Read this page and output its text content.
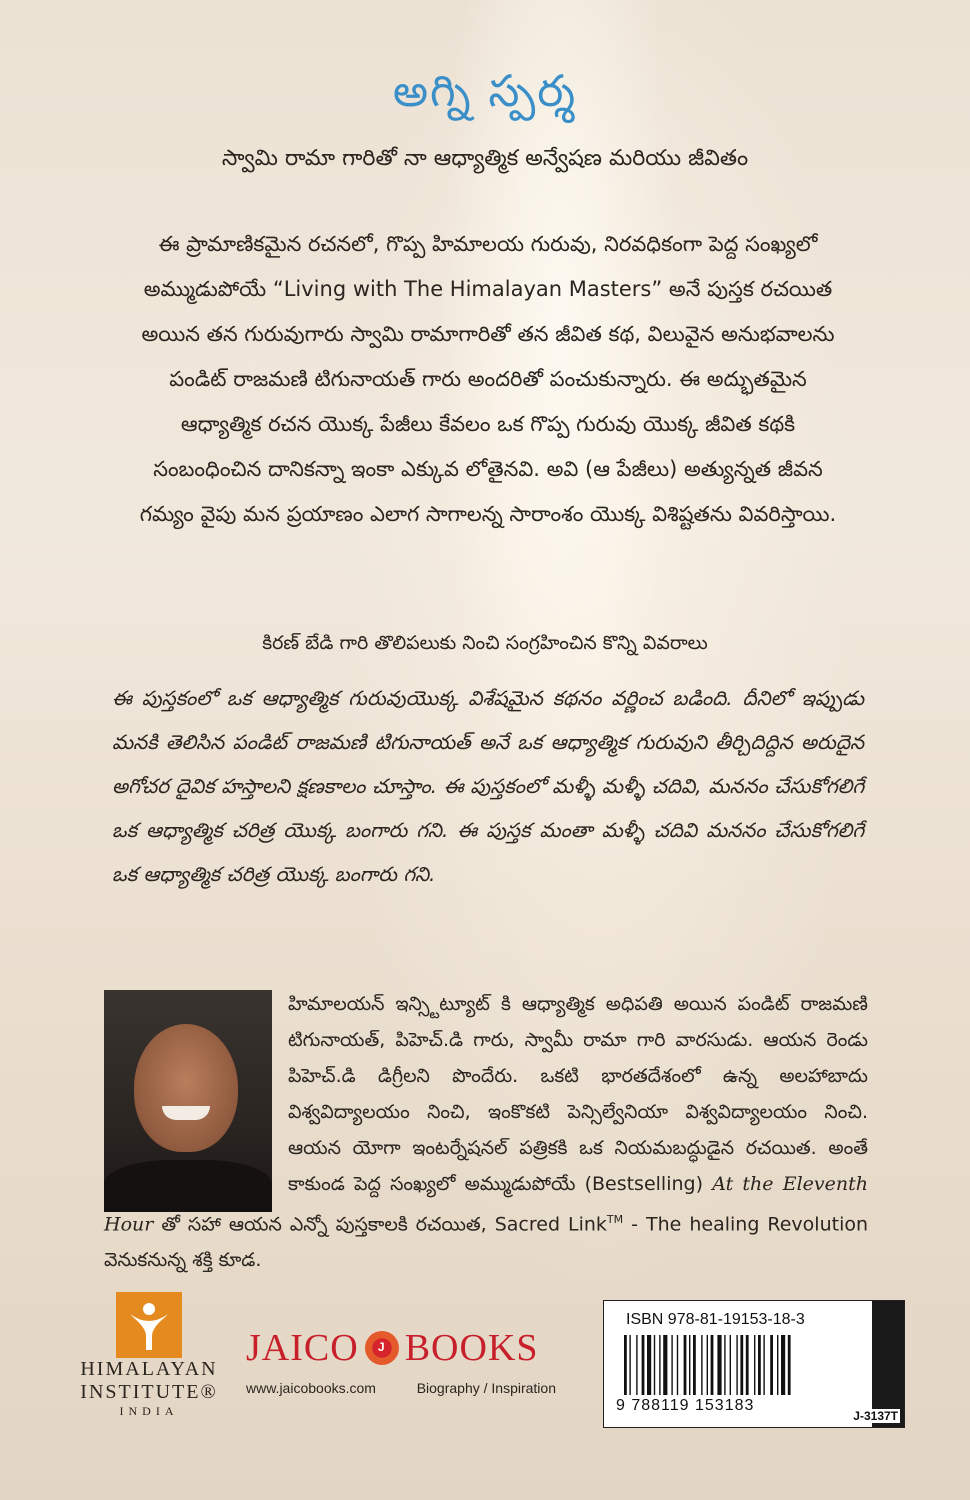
అగ్ని స్పర్శ
స్వామి రామా గారితో నా ఆధ్యాత్మిక అన్వేషణ మరియు జీవితం
ఈ ప్రామాణికమైన రచనలో, గొప్ప హిమాలయ గురువు, నిరవధికంగా పెద్ద సంఖ్యలో అమ్ముడుపోయే “Living with The Himalayan Masters” అనే పుస్తక రచయిత అయిన తన గురువుగారు స్వామి రామాగారితో తన జీవిత కథ, విలువైన అనుభవాలను పండిట్ రాజమణి టిగునాయత్ గారు అందరితో పంచుకున్నారు. ఈ అద్భుతమైన ఆధ్యాత్మిక రచన యొక్క పేజీలు కేవలం ఒక గొప్ప గురువు యొక్క జీవిత కథకి సంబంధించిన దానికన్నా ఇంకా ఎక్కువ లోతైనవి. అవి (ఆ పేజీలు) అత్యున్నత జీవన గమ్యం వైపు మన ప్రయాణం ఎలాగ సాగాలన్న సారాంశం యొక్క విశిష్టతను వివరిస్తాయి.
కిరణ్ బేడి గారి తొలిపలుకు నించి సంగ్రహించిన కొన్ని వివరాలు
ఈ పుస్తకంలో ఒక ఆధ్యాత్మిక గురువుయొక్క విశేషమైన కథనం వర్ణించ బడింది. దీనిలో ఇప్పుడు మనకి తెలిసిన పండిట్ రాజమణి టిగునాయత్ అనే ఒక ఆధ్యాత్మిక గురువుని తీర్చిదిద్దిన అరుదైన అగోచర దైవిక హస్తాలని క్షణకాలం చూస్తాం. ఈ పుస్తకంలో మళ్ళీ మళ్ళీ చదివి, మననం చేసుకోగలిగే ఒక ఆధ్యాత్మిక చరిత్ర యొక్క బంగారు గని. ఈ పుస్తక మంతా మళ్ళీ చదివి మననం చేసుకోగలిగే ఒక ఆధ్యాత్మిక చరిత్ర యొక్క బంగారు గని.
హిమాలయన్ ఇన్స్టిట్యూట్ కి ఆధ్యాత్మిక అధిపతి అయిన పండిట్ రాజమణి టిగునాయత్, పిహెచ్.డి గారు, స్వామీ రామా గారి వారసుడు. ఆయన రెండు పిహెచ్.డి డిగ్రీలని పొందేరు. ఒకటి భారతదేశంలో ఉన్న అలహాబాదు విశ్వవిద్యాలయం నించి, ఇంకొకటి పెన్సిల్వేనియా విశ్వవిద్యాలయం నించి. ఆయన యోగా ఇంటర్నేషనల్ పత్రికకి ఒక నియమబద్ధుడైన రచయిత. అంతే కాకుండ పెద్ద సంఖ్యలో అమ్ముడుపోయే (Bestselling) At the Eleventh Hour తో సహా ఆయన ఎన్నో పుస్తకాలకి రచయిత, Sacred Link™ - The healing Revolution వెనుకనున్న శక్తి కూడ.
HIMALAYAN
INSTITUTE®
INDIA
JAICO	J BOOKS
www.jaicobooks.com	Biography / Inspiration
ISBN 978-81-19153-18-3
9 788119 153183
J-3137T
